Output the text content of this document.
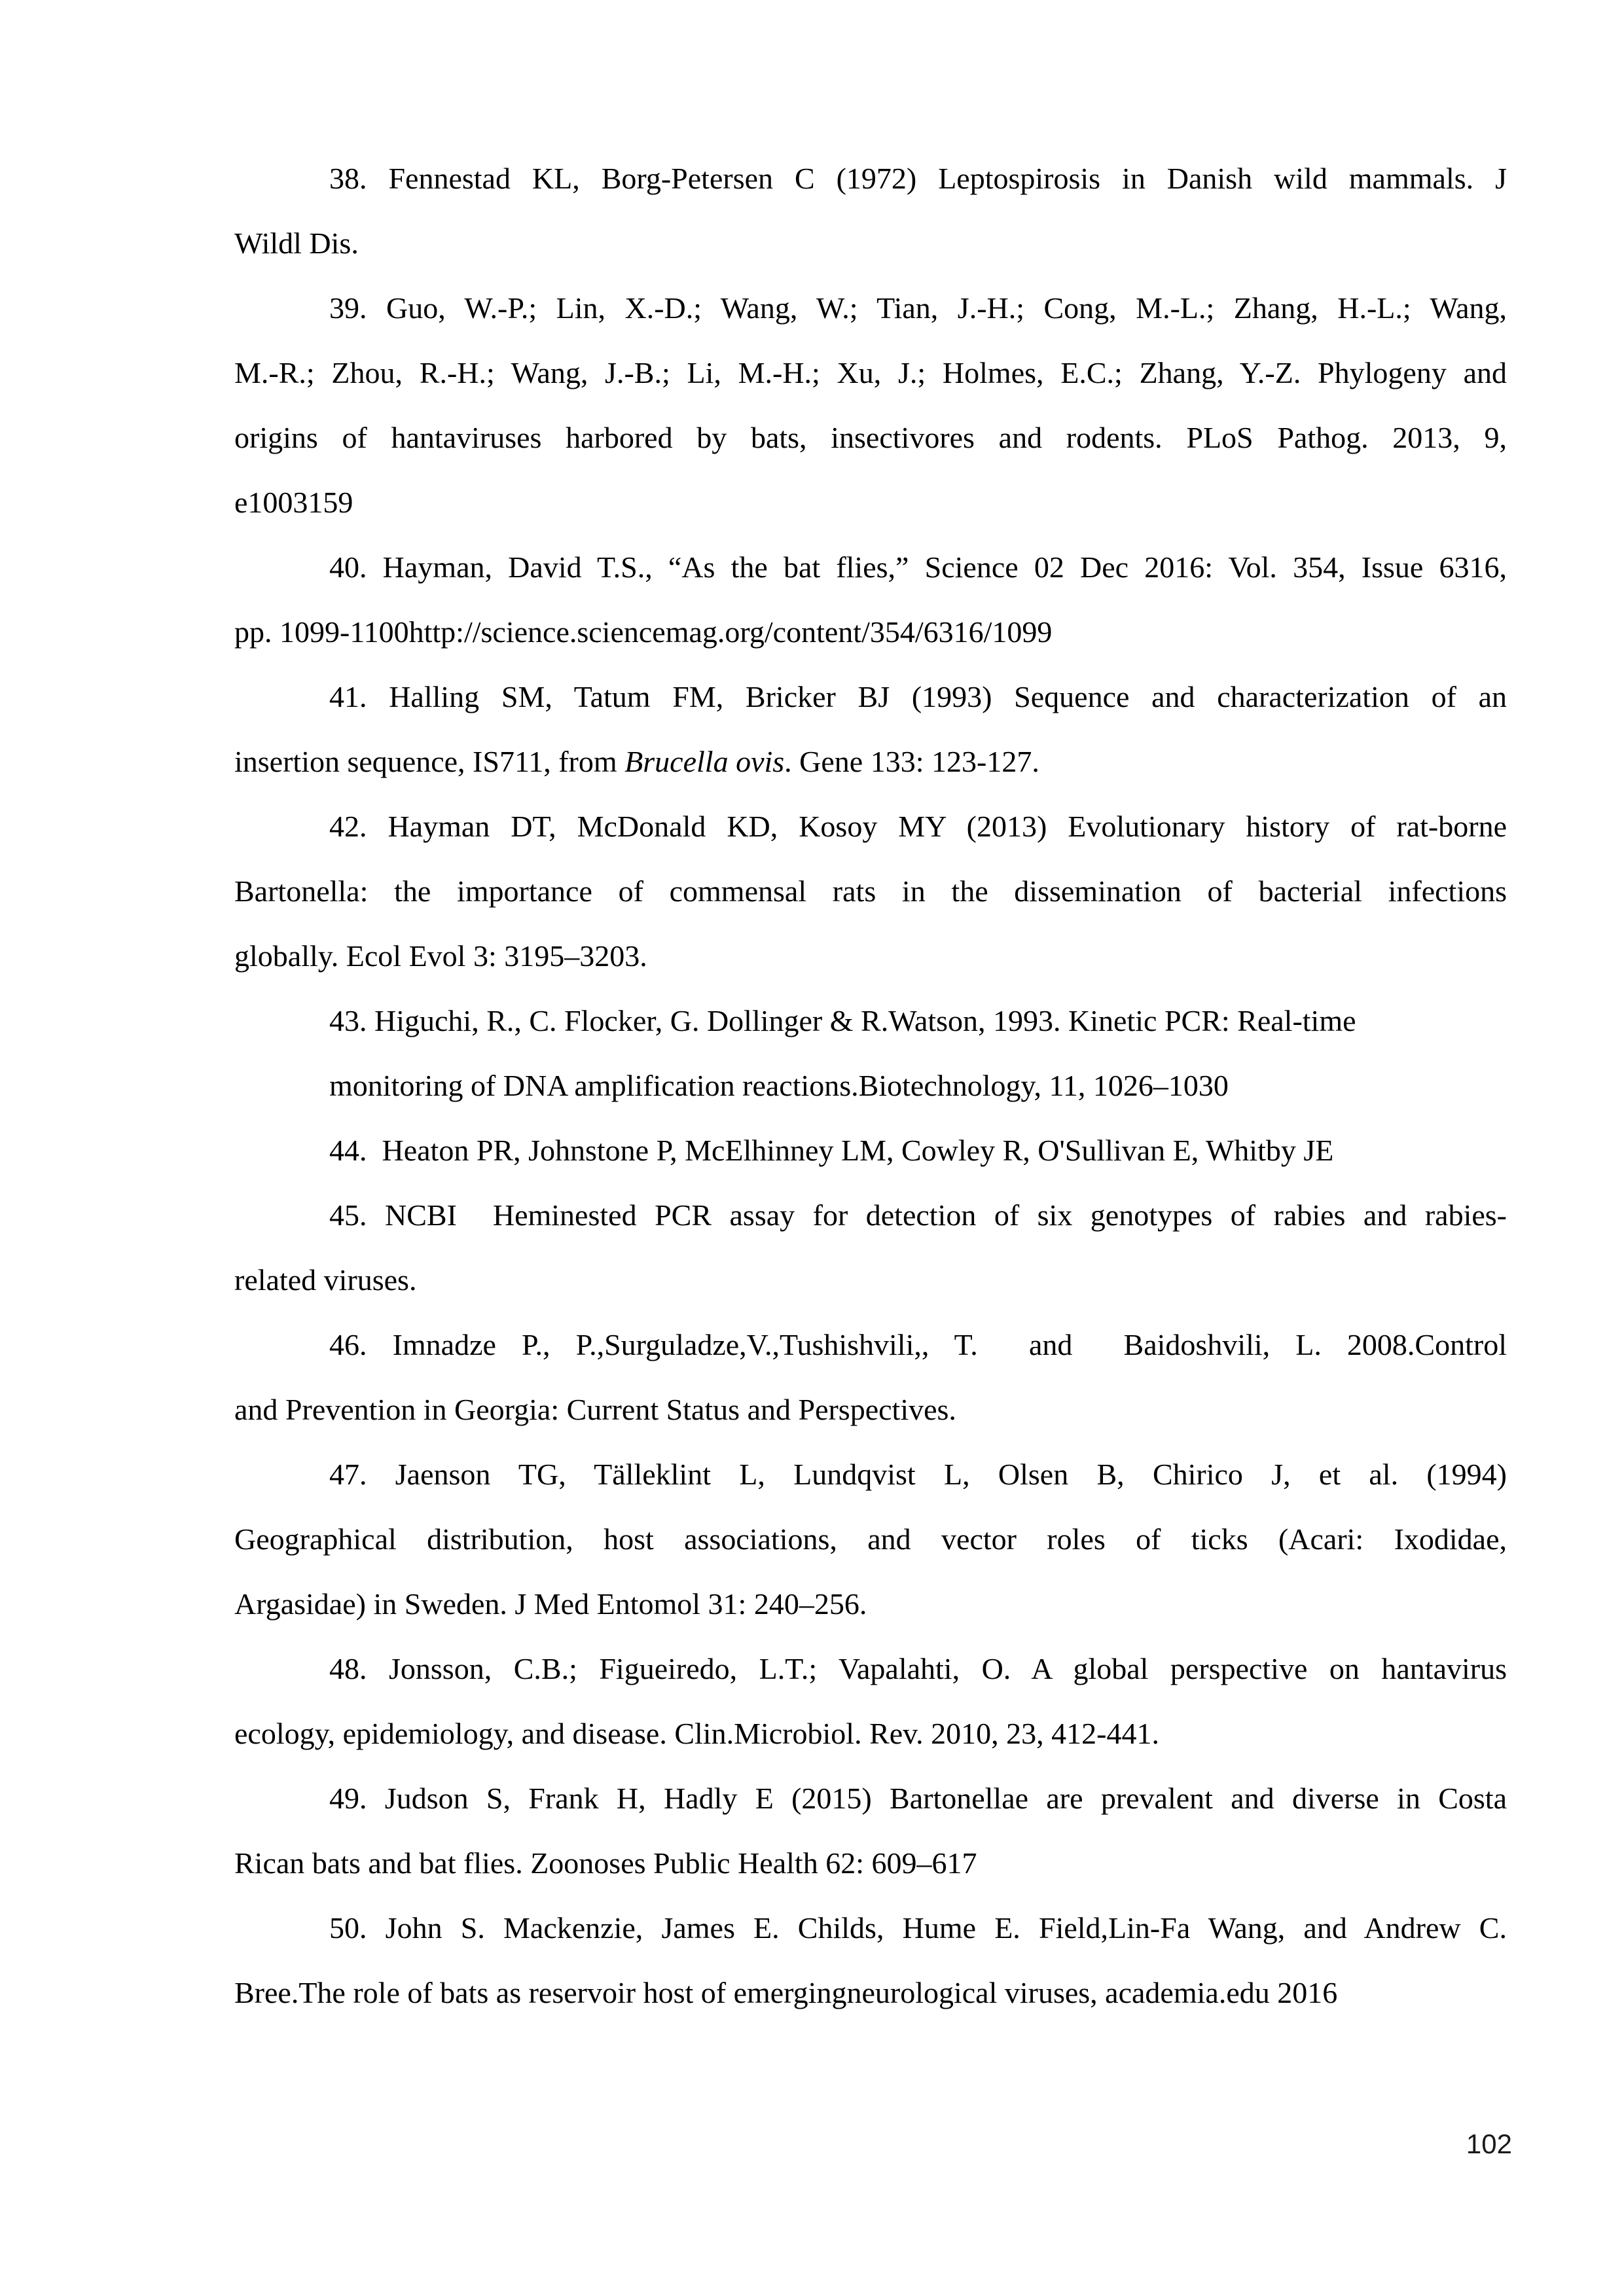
38. Fennestad KL, Borg-Petersen C (1972) Leptospirosis in Danish wild mammals. J
Wildl Dis.
39. Guo, W.-P.; Lin, X.-D.; Wang, W.; Tian, J.-H.; Cong, M.-L.; Zhang, H.-L.; Wang,
M.-R.; Zhou, R.-H.; Wang, J.-B.; Li, M.-H.; Xu, J.; Holmes, E.C.; Zhang, Y.-Z. Phylogeny and
origins of hantaviruses harbored by bats, insectivores and rodents. PLoS Pathog. 2013, 9,
e1003159
40. Hayman, David T.S., “As the bat flies,” Science 02 Dec 2016: Vol. 354, Issue 6316,
pp. 1099-1100http://science.sciencemag.org/content/354/6316/1099
41. Halling SM, Tatum FM, Bricker BJ (1993) Sequence and characterization of an
insertion sequence, IS711, from Brucella ovis. Gene 133: 123-127.
42. Hayman DT, McDonald KD, Kosoy MY (2013) Evolutionary history of rat-borne
Bartonella: the importance of commensal rats in the dissemination of bacterial infections
globally. Ecol Evol 3: 3195–3203.
43. Higuchi, R., C. Flocker, G. Dollinger & R.Watson, 1993. Kinetic PCR: Real-time
monitoring of DNA amplification reactions.Biotechnology, 11, 1026–1030
44.  Heaton PR, Johnstone P, McElhinney LM, Cowley R, O'Sullivan E, Whitby JE
45. NCBI  Heminested PCR assay for detection of six genotypes of rabies and rabies-
related viruses.
46. Imnadze P., P.,Surguladze,V.,Tushishvili,, T.  and  Baidoshvili, L. 2008.Control
and Prevention in Georgia: Current Status and Perspectives.
47. Jaenson TG, Tälleklint L, Lundqvist L, Olsen B, Chirico J, et al. (1994)
Geographical distribution, host associations, and vector roles of ticks (Acari: Ixodidae,
Argasidae) in Sweden. J Med Entomol 31: 240–256.
48. Jonsson, C.B.; Figueiredo, L.T.; Vapalahti, O. A global perspective on hantavirus
ecology, epidemiology, and disease. Clin.Microbiol. Rev. 2010, 23, 412-441.
49. Judson S, Frank H, Hadly E (2015) Bartonellae are prevalent and diverse in Costa
Rican bats and bat flies. Zoonoses Public Health 62: 609–617
50. John S. Mackenzie, James E. Childs, Hume E. Field,Lin-Fa Wang, and Andrew C.
Bree.The role of bats as reservoir host of emergingneurological viruses, academia.edu 2016
102
